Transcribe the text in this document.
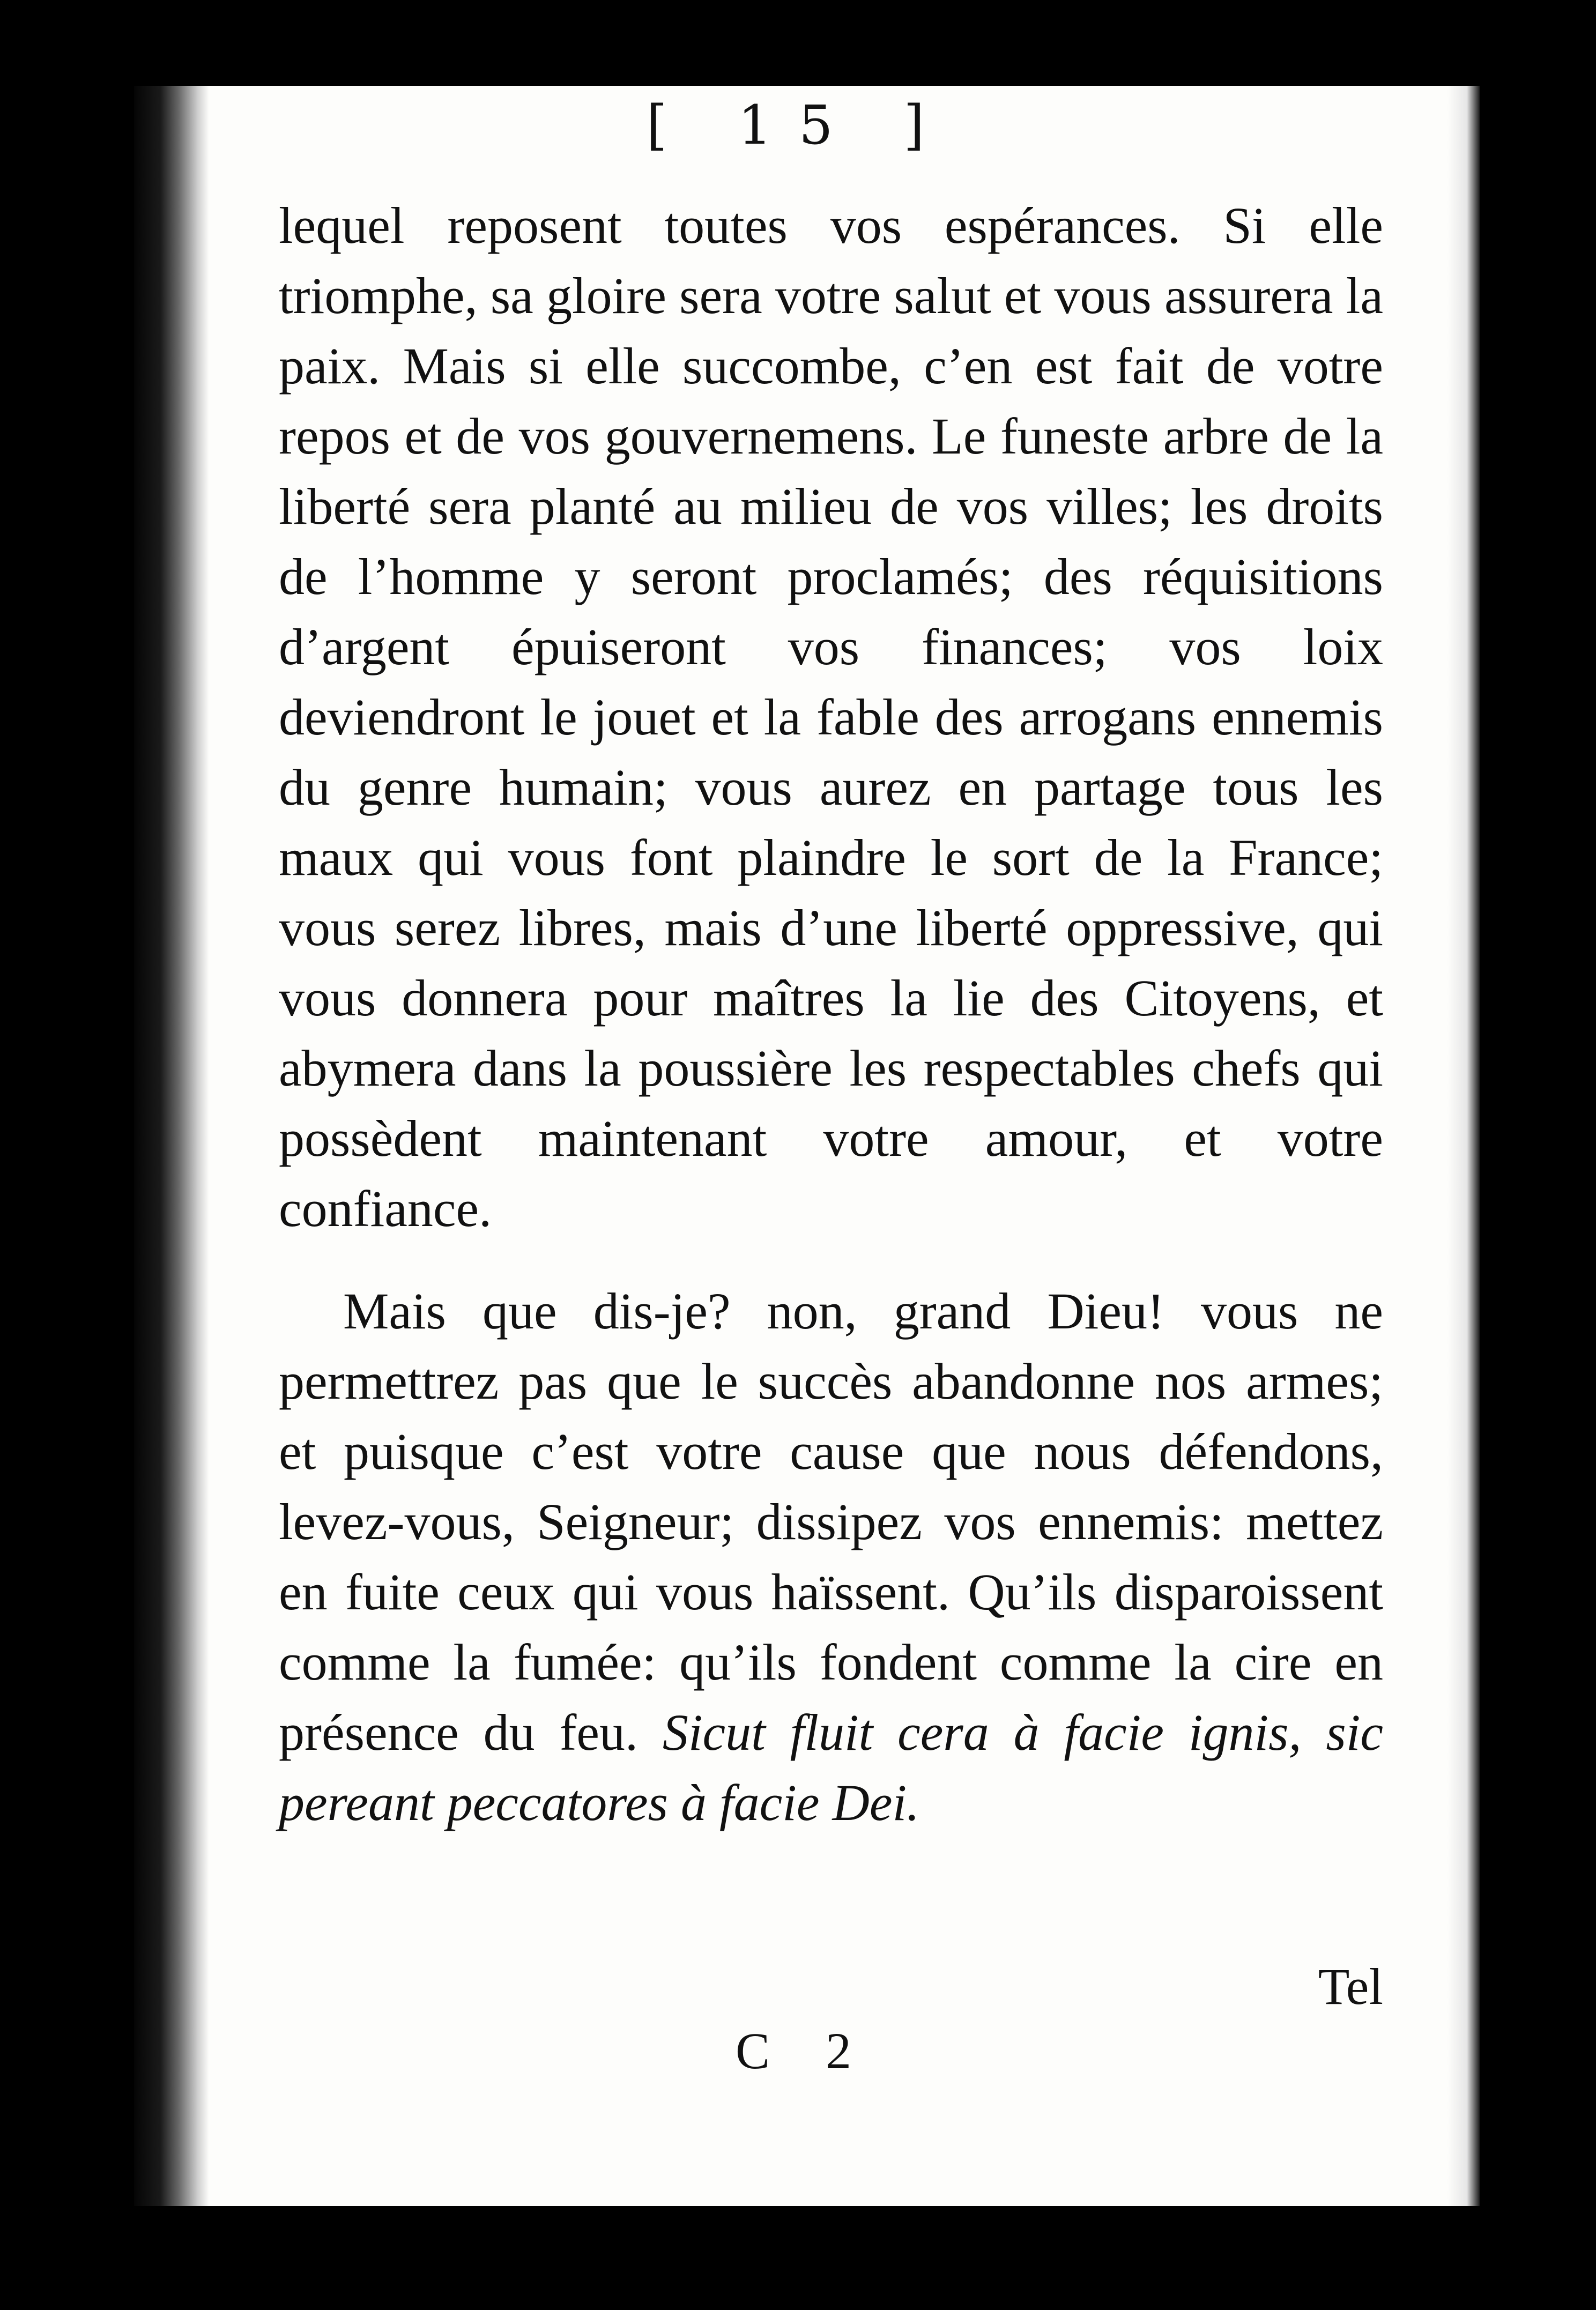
[ 15 ]

lequel reposent toutes vos espérances. Si elle triomphe, sa gloire sera votre salut et vous assurera la paix. Mais si elle succombe, c’en est fait de votre repos et de vos gouvernemens. Le funeste arbre de la liberté sera planté au milieu de vos villes; les droits de l’homme y seront proclamés; des réquisitions d’argent épuiseront vos finances; vos loix deviendront le jouet et la fable des arrogans ennemis du genre humain; vous aurez en partage tous les maux qui vous font plaindre le sort de la France; vous serez libres, mais d’une liberté oppressive, qui vous donnera pour maîtres la lie des Citoyens, et abymera dans la poussière les respectables chefs qui possèdent maintenant votre amour, et votre confiance.

Mais que dis-je? non, grand Dieu! vous ne permettrez pas que le succès abandonne nos armes; et puisque c’est votre cause que nous défendons, levez-vous, Seigneur; dissipez vos ennemis: mettez en fuite ceux qui vous haïssent. Qu’ils disparoissent comme la fumée: qu’ils fondent comme la cire en présence du feu. Sicut fluit cera à facie ignis, sic pereant peccatores à facie Dei.

Tel
C 2
